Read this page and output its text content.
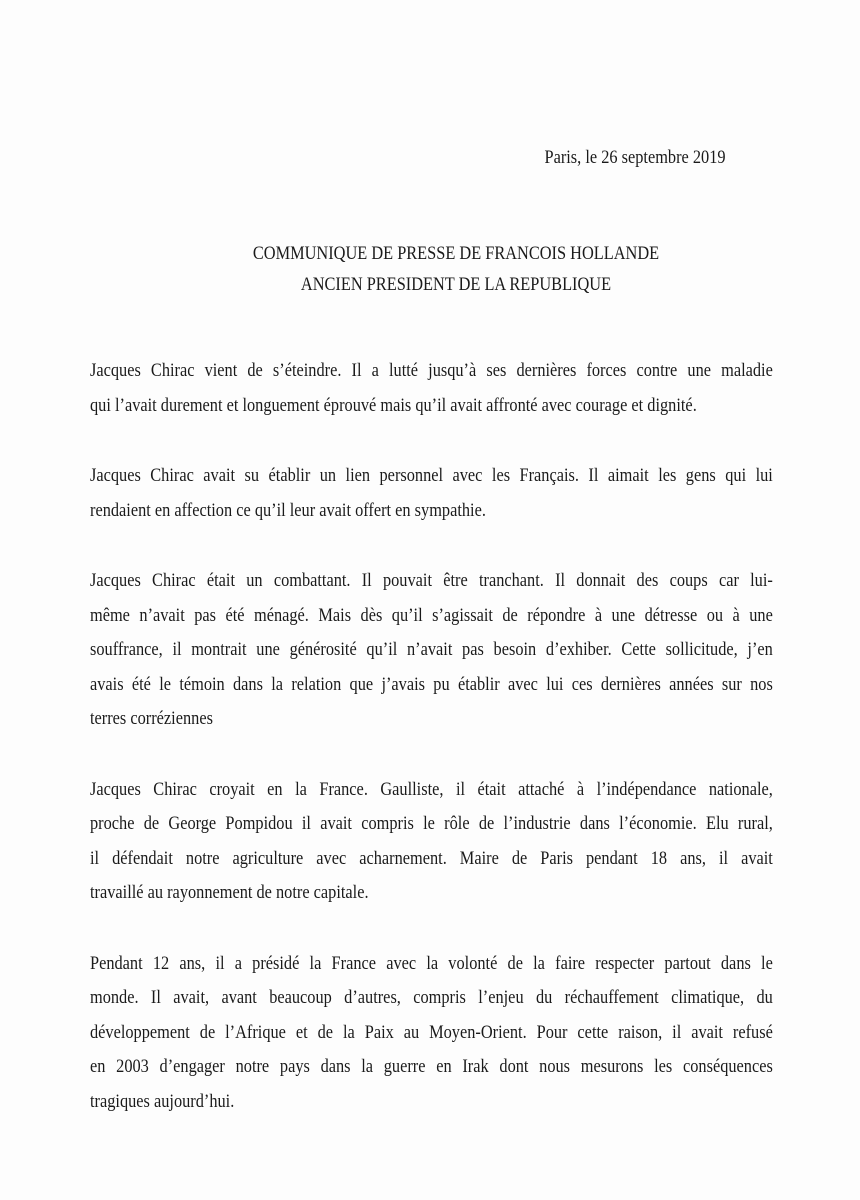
Paris, le 26 septembre 2019
COMMUNIQUE DE PRESSE DE FRANCOIS HOLLANDE
ANCIEN PRESIDENT DE LA REPUBLIQUE
Jacques Chirac vient de s’éteindre. Il a lutté jusqu’à ses dernières forces contre une maladie
qui l’avait durement et longuement éprouvé mais qu’il avait affronté avec courage et dignité.
Jacques Chirac avait su établir un lien personnel avec les Français. Il aimait les gens qui lui
rendaient en affection ce qu’il leur avait offert en sympathie.
Jacques Chirac était un combattant. Il pouvait être tranchant. Il donnait des coups car lui-
même n’avait pas été ménagé. Mais dès qu’il s’agissait de répondre à une détresse ou à une
souffrance, il montrait une générosité qu’il n’avait pas besoin d’exhiber. Cette sollicitude, j’en
avais été le témoin dans la relation que j’avais pu établir avec lui ces dernières années sur nos
terres corréziennes
Jacques Chirac croyait en la France. Gaulliste, il était attaché à l’indépendance nationale,
proche de George Pompidou il avait compris le rôle de l’industrie dans l’économie. Elu rural,
il défendait notre agriculture avec acharnement. Maire de Paris pendant 18 ans, il avait
travaillé au rayonnement de notre capitale.
Pendant 12 ans, il a présidé la France avec la volonté de la faire respecter partout dans le
monde. Il avait, avant beaucoup d’autres, compris l’enjeu du réchauffement climatique, du
développement de l’Afrique et de la Paix au Moyen-Orient. Pour cette raison, il avait refusé
en 2003 d’engager notre pays dans la guerre en Irak dont nous mesurons les conséquences
tragiques aujourd’hui.
